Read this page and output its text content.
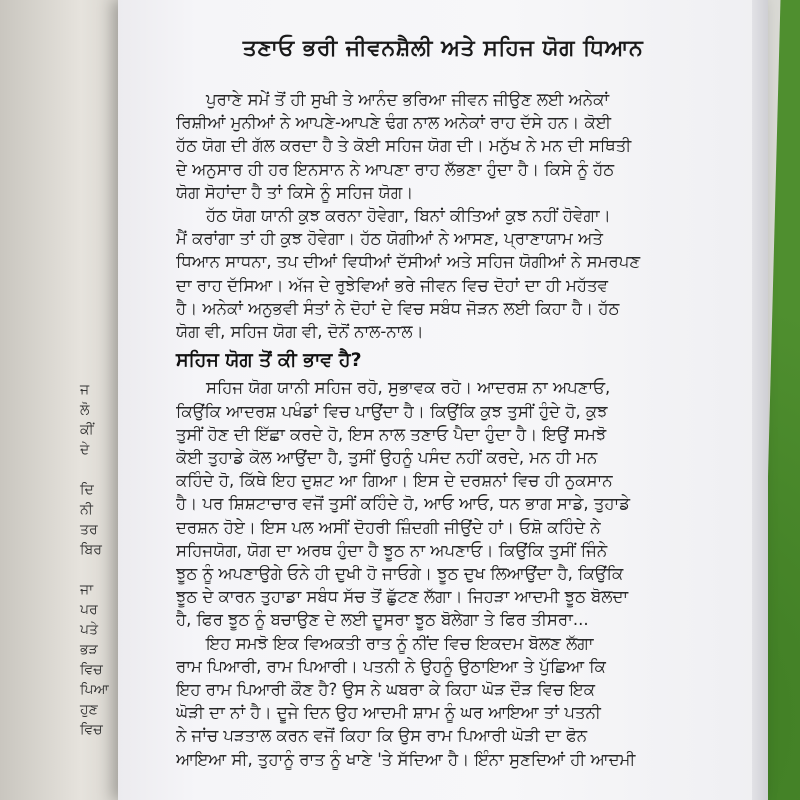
ਜ
ਲੋ
ਕੀਂ
ਦੇ
ਦਿ
ਨੀ
ਤਰ
ਬਿਰ
ਜਾ
ਪਰ
ਪਤੇ
ਭੜ
ਵਿਚ
ਪਿਆ
ਹੁਣ
ਵਿਚ
ਤਣਾਓ ਭਰੀ ਜੀਵਨਸ਼ੈਲੀ ਅਤੇ ਸਹਿਜ ਯੋਗ ਧਿਆਨ
ਪੁਰਾਣੇ ਸਮੇਂ ਤੋਂ ਹੀ ਸੁਖੀ ਤੇ ਆਨੰਦ ਭਰਿਆ ਜੀਵਨ ਜੀਉਣ ਲਈ ਅਨੇਕਾਂ
ਰਿਸ਼ੀਆਂ ਮੁਨੀਆਂ ਨੇ ਆਪਣੇ-ਆਪਣੇ ਢੰਗ ਨਾਲ ਅਨੇਕਾਂ ਰਾਹ ਦੱਸੇ ਹਨ। ਕੋਈ
ਹੱਠ ਯੋਗ ਦੀ ਗੱਲ ਕਰਦਾ ਹੈ ਤੇ ਕੋਈ ਸਹਿਜ ਯੋਗ ਦੀ। ਮਨੁੱਖ ਨੇ ਮਨ ਦੀ ਸਥਿਤੀ
ਦੇ ਅਨੁਸਾਰ ਹੀ ਹਰ ਇਨਸਾਨ ਨੇ ਆਪਣਾ ਰਾਹ ਲੱਭਣਾ ਹੁੰਦਾ ਹੈ। ਕਿਸੇ ਨੂੰ ਹੱਠ
ਯੋਗ ਸੋਹਾਂਦਾ ਹੈ ਤਾਂ ਕਿਸੇ ਨੂੰ ਸਹਿਜ ਯੋਗ।
ਹੱਠ ਯੋਗ ਯਾਨੀ ਕੁਝ ਕਰਨਾ ਹੋਵੇਗਾ, ਬਿਨਾਂ ਕੀਤਿਆਂ ਕੁਝ ਨਹੀਂ ਹੋਵੇਗਾ।
ਮੈਂ ਕਰਾਂਗਾ ਤਾਂ ਹੀ ਕੁਝ ਹੋਵੇਗਾ। ਹੱਠ ਯੋਗੀਆਂ ਨੇ ਆਸਣ, ਪ੍ਰਾਣਾਯਾਮ ਅਤੇ
ਧਿਆਨ ਸਾਧਨਾ, ਤਪ ਦੀਆਂ ਵਿਧੀਆਂ ਦੱਸੀਆਂ ਅਤੇ ਸਹਿਜ ਯੋਗੀਆਂ ਨੇ ਸਮਰਪਣ
ਦਾ ਰਾਹ ਦੱਸਿਆ। ਅੱਜ ਦੇ ਰੁਝੇਵਿਆਂ ਭਰੇ ਜੀਵਨ ਵਿਚ ਦੋਹਾਂ ਦਾ ਹੀ ਮਹੱਤਵ
ਹੈ। ਅਨੇਕਾਂ ਅਨੁਭਵੀ ਸੰਤਾਂ ਨੇ ਦੋਹਾਂ ਦੇ ਵਿਚ ਸਬੰਧ ਜੋੜਨ ਲਈ ਕਿਹਾ ਹੈ। ਹੱਠ
ਯੋਗ ਵੀ, ਸਹਿਜ ਯੋਗ ਵੀ, ਦੋਨੋਂ ਨਾਲ-ਨਾਲ।
ਸਹਿਜ ਯੋਗ ਤੋਂ ਕੀ ਭਾਵ ਹੈ?
ਸਹਿਜ ਯੋਗ ਯਾਨੀ ਸਹਿਜ ਰਹੋ, ਸੁਭਾਵਕ ਰਹੋ। ਆਦਰਸ਼ ਨਾ ਅਪਣਾਓ,
ਕਿਉਂਕਿ ਆਦਰਸ਼ ਪਖੰਡਾਂ ਵਿਚ ਪਾਉਂਦਾ ਹੈ। ਕਿਉਂਕਿ ਕੁਝ ਤੁਸੀਂ ਹੁੰਦੇ ਹੋ, ਕੁਝ
ਤੁਸੀਂ ਹੋਣ ਦੀ ਇੱਛਾ ਕਰਦੇ ਹੋ, ਇਸ ਨਾਲ ਤਣਾਓ ਪੈਦਾ ਹੁੰਦਾ ਹੈ। ਇਉਂ ਸਮਝੋ
ਕੋਈ ਤੁਹਾਡੇ ਕੋਲ ਆਉਂਦਾ ਹੈ, ਤੁਸੀਂ ਉਹਨੂੰ ਪਸੰਦ ਨਹੀਂ ਕਰਦੇ, ਮਨ ਹੀ ਮਨ
ਕਹਿੰਦੇ ਹੋ, ਕਿੱਥੇ ਇਹ ਦੁਸ਼ਟ ਆ ਗਿਆ। ਇਸ ਦੇ ਦਰਸ਼ਨਾਂ ਵਿਚ ਹੀ ਨੁਕਸਾਨ
ਹੈ। ਪਰ ਸ਼ਿਸ਼ਟਾਚਾਰ ਵਜੋਂ ਤੁਸੀਂ ਕਹਿੰਦੇ ਹੋ, ਆਓ ਆਓ, ਧਨ ਭਾਗ ਸਾਡੇ, ਤੁਹਾਡੇ
ਦਰਸ਼ਨ ਹੋਏ। ਇਸ ਪਲ ਅਸੀਂ ਦੋਹਰੀ ਜ਼ਿੰਦਗੀ ਜੀਉਂਦੇ ਹਾਂ। ਓਸ਼ੋ ਕਹਿੰਦੇ ਨੇ
ਸਹਿਜਯੋਗ, ਯੋਗ ਦਾ ਅਰਥ ਹੁੰਦਾ ਹੈ ਝੂਠ ਨਾ ਅਪਣਾਓ। ਕਿਉਂਕਿ ਤੁਸੀਂ ਜਿੰਨੇ
ਝੂਠ ਨੂੰ ਅਪਣਾਉਗੇ ਓਨੇ ਹੀ ਦੁਖੀ ਹੋ ਜਾਓਗੇ। ਝੂਠ ਦੁਖ ਲਿਆਉਂਦਾ ਹੈ, ਕਿਉਂਕਿ
ਝੂਠ ਦੇ ਕਾਰਨ ਤੁਹਾਡਾ ਸਬੰਧ ਸੱਚ ਤੋਂ ਛੁੱਟਣ ਲੱਗਾ। ਜਿਹੜਾ ਆਦਮੀ ਝੂਠ ਬੋਲਦਾ
ਹੈ, ਫਿਰ ਝੂਠ ਨੂੰ ਬਚਾਉਣ ਦੇ ਲਈ ਦੂਸਰਾ ਝੂਠ ਬੋਲੇਗਾ ਤੇ ਫਿਰ ਤੀਸਰਾ...
ਇਹ ਸਮਝੋ ਇਕ ਵਿਅਕਤੀ ਰਾਤ ਨੂੰ ਨੀਂਦ ਵਿਚ ਇਕਦਮ ਬੋਲਣ ਲੱਗਾ
ਰਾਮ ਪਿਆਰੀ, ਰਾਮ ਪਿਆਰੀ। ਪਤਨੀ ਨੇ ਉਹਨੂੰ ਉਠਾਇਆ ਤੇ ਪੁੱਛਿਆ ਕਿ
ਇਹ ਰਾਮ ਪਿਆਰੀ ਕੌਣ ਹੈ? ਉਸ ਨੇ ਘਬਰਾ ਕੇ ਕਿਹਾ ਘੋੜ ਦੌੜ ਵਿਚ ਇਕ
ਘੋੜੀ ਦਾ ਨਾਂ ਹੈ। ਦੂਜੇ ਦਿਨ ਉਹ ਆਦਮੀ ਸ਼ਾਮ ਨੂੰ ਘਰ ਆਇਆ ਤਾਂ ਪਤਨੀ
ਨੇ ਜਾਂਚ ਪੜਤਾਲ ਕਰਨ ਵਜੋਂ ਕਿਹਾ ਕਿ ਉਸ ਰਾਮ ਪਿਆਰੀ ਘੋੜੀ ਦਾ ਫੋਨ
ਆਇਆ ਸੀ, ਤੁਹਾਨੂੰ ਰਾਤ ਨੂੰ ਖਾਣੇ 'ਤੇ ਸੱਦਿਆ ਹੈ। ਇੰਨਾ ਸੁਣਦਿਆਂ ਹੀ ਆਦਮੀ
